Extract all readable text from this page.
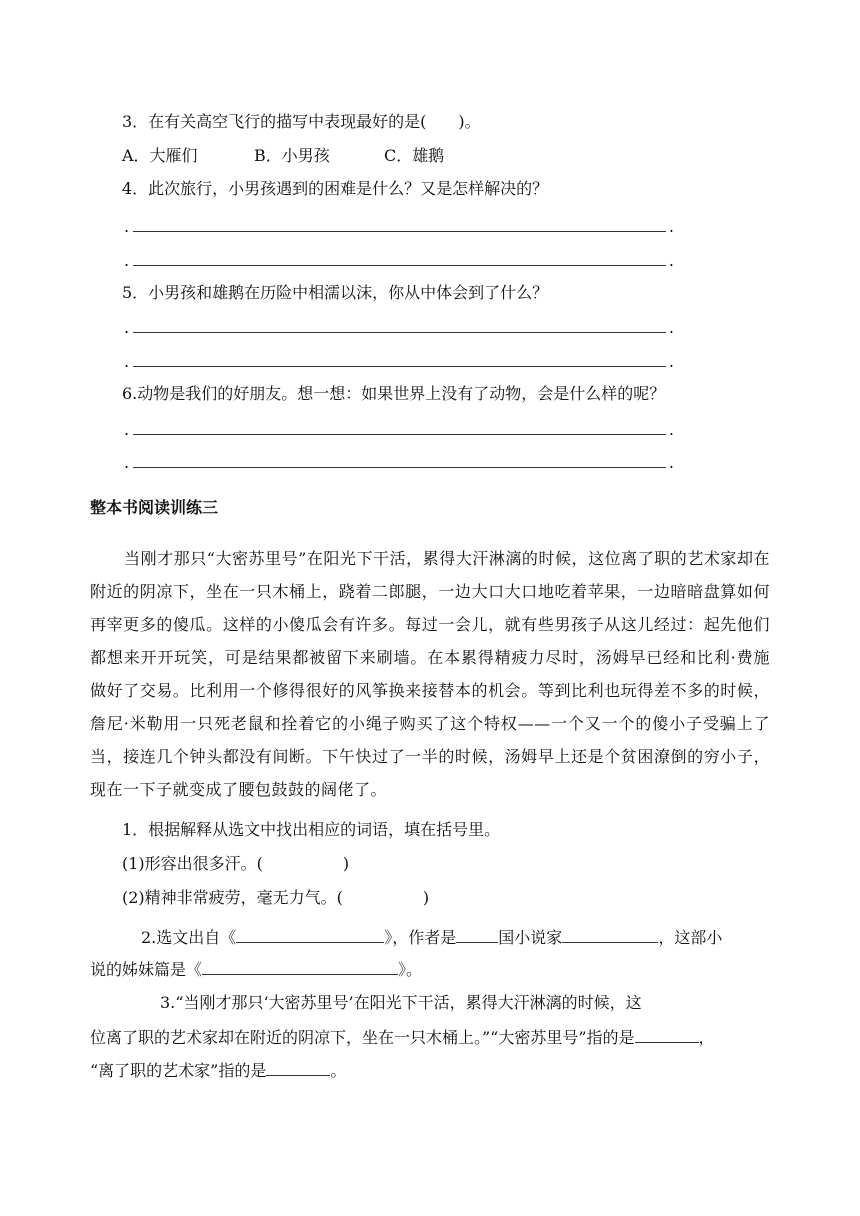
3．在有关高空飞行的描写中表现最好的是(　　)。
A．大雁们	B．小男孩	C．雄鹅
4．此次旅行，小男孩遇到的困难是什么？又是怎样解决的？
.	.
.	.
5．小男孩和雄鹅在历险中相濡以沫，你从中体会到了什么？
.	.
.	.
6.动物是我们的好朋友。想一想：如果世界上没有了动物，会是什么样的呢？
.	.
.	.
整本书阅读训练三
当刚才那只“大密苏里号”在阳光下干活，累得大汗淋漓的时候，这位离了职的艺术家却在附近的阴凉下，坐在一只木桶上，跷着二郎腿，一边大口大口地吃着苹果，一边暗暗盘算如何再宰更多的傻瓜。这样的小傻瓜会有许多。每过一会儿，就有些男孩子从这儿经过：起先他们都想来开开玩笑，可是结果都被留下来刷墙。在本累得精疲力尽时，汤姆早已经和比利·费施做好了交易。比利用一个修得很好的风筝换来接替本的机会。等到比利也玩得差不多的时候，詹尼·米勒用一只死老鼠和拴着它的小绳子购买了这个特权——一个又一个的傻小子受骗上了当，接连几个钟头都没有间断。下午快过了一半的时候，汤姆早上还是个贫困潦倒的穷小子，现在一下子就变成了腰包鼓鼓的阔佬了。
1．根据解释从选文中找出相应的词语，填在括号里。
(1)形容出很多汗。(　　　　　)
(2)精神非常疲劳，毫无力气。(　　　　　)
2.选文出自《	》，作者是	国小说家	，这部小
说的姊妹篇是《	》。
3.“当刚才那只‘大密苏里号’在阳光下干活，累得大汗淋漓的时候，这
位离了职的艺术家却在附近的阴凉下，坐在一只木桶上。”“大密苏里号”指的是	，
“离了职的艺术家”指的是	。
